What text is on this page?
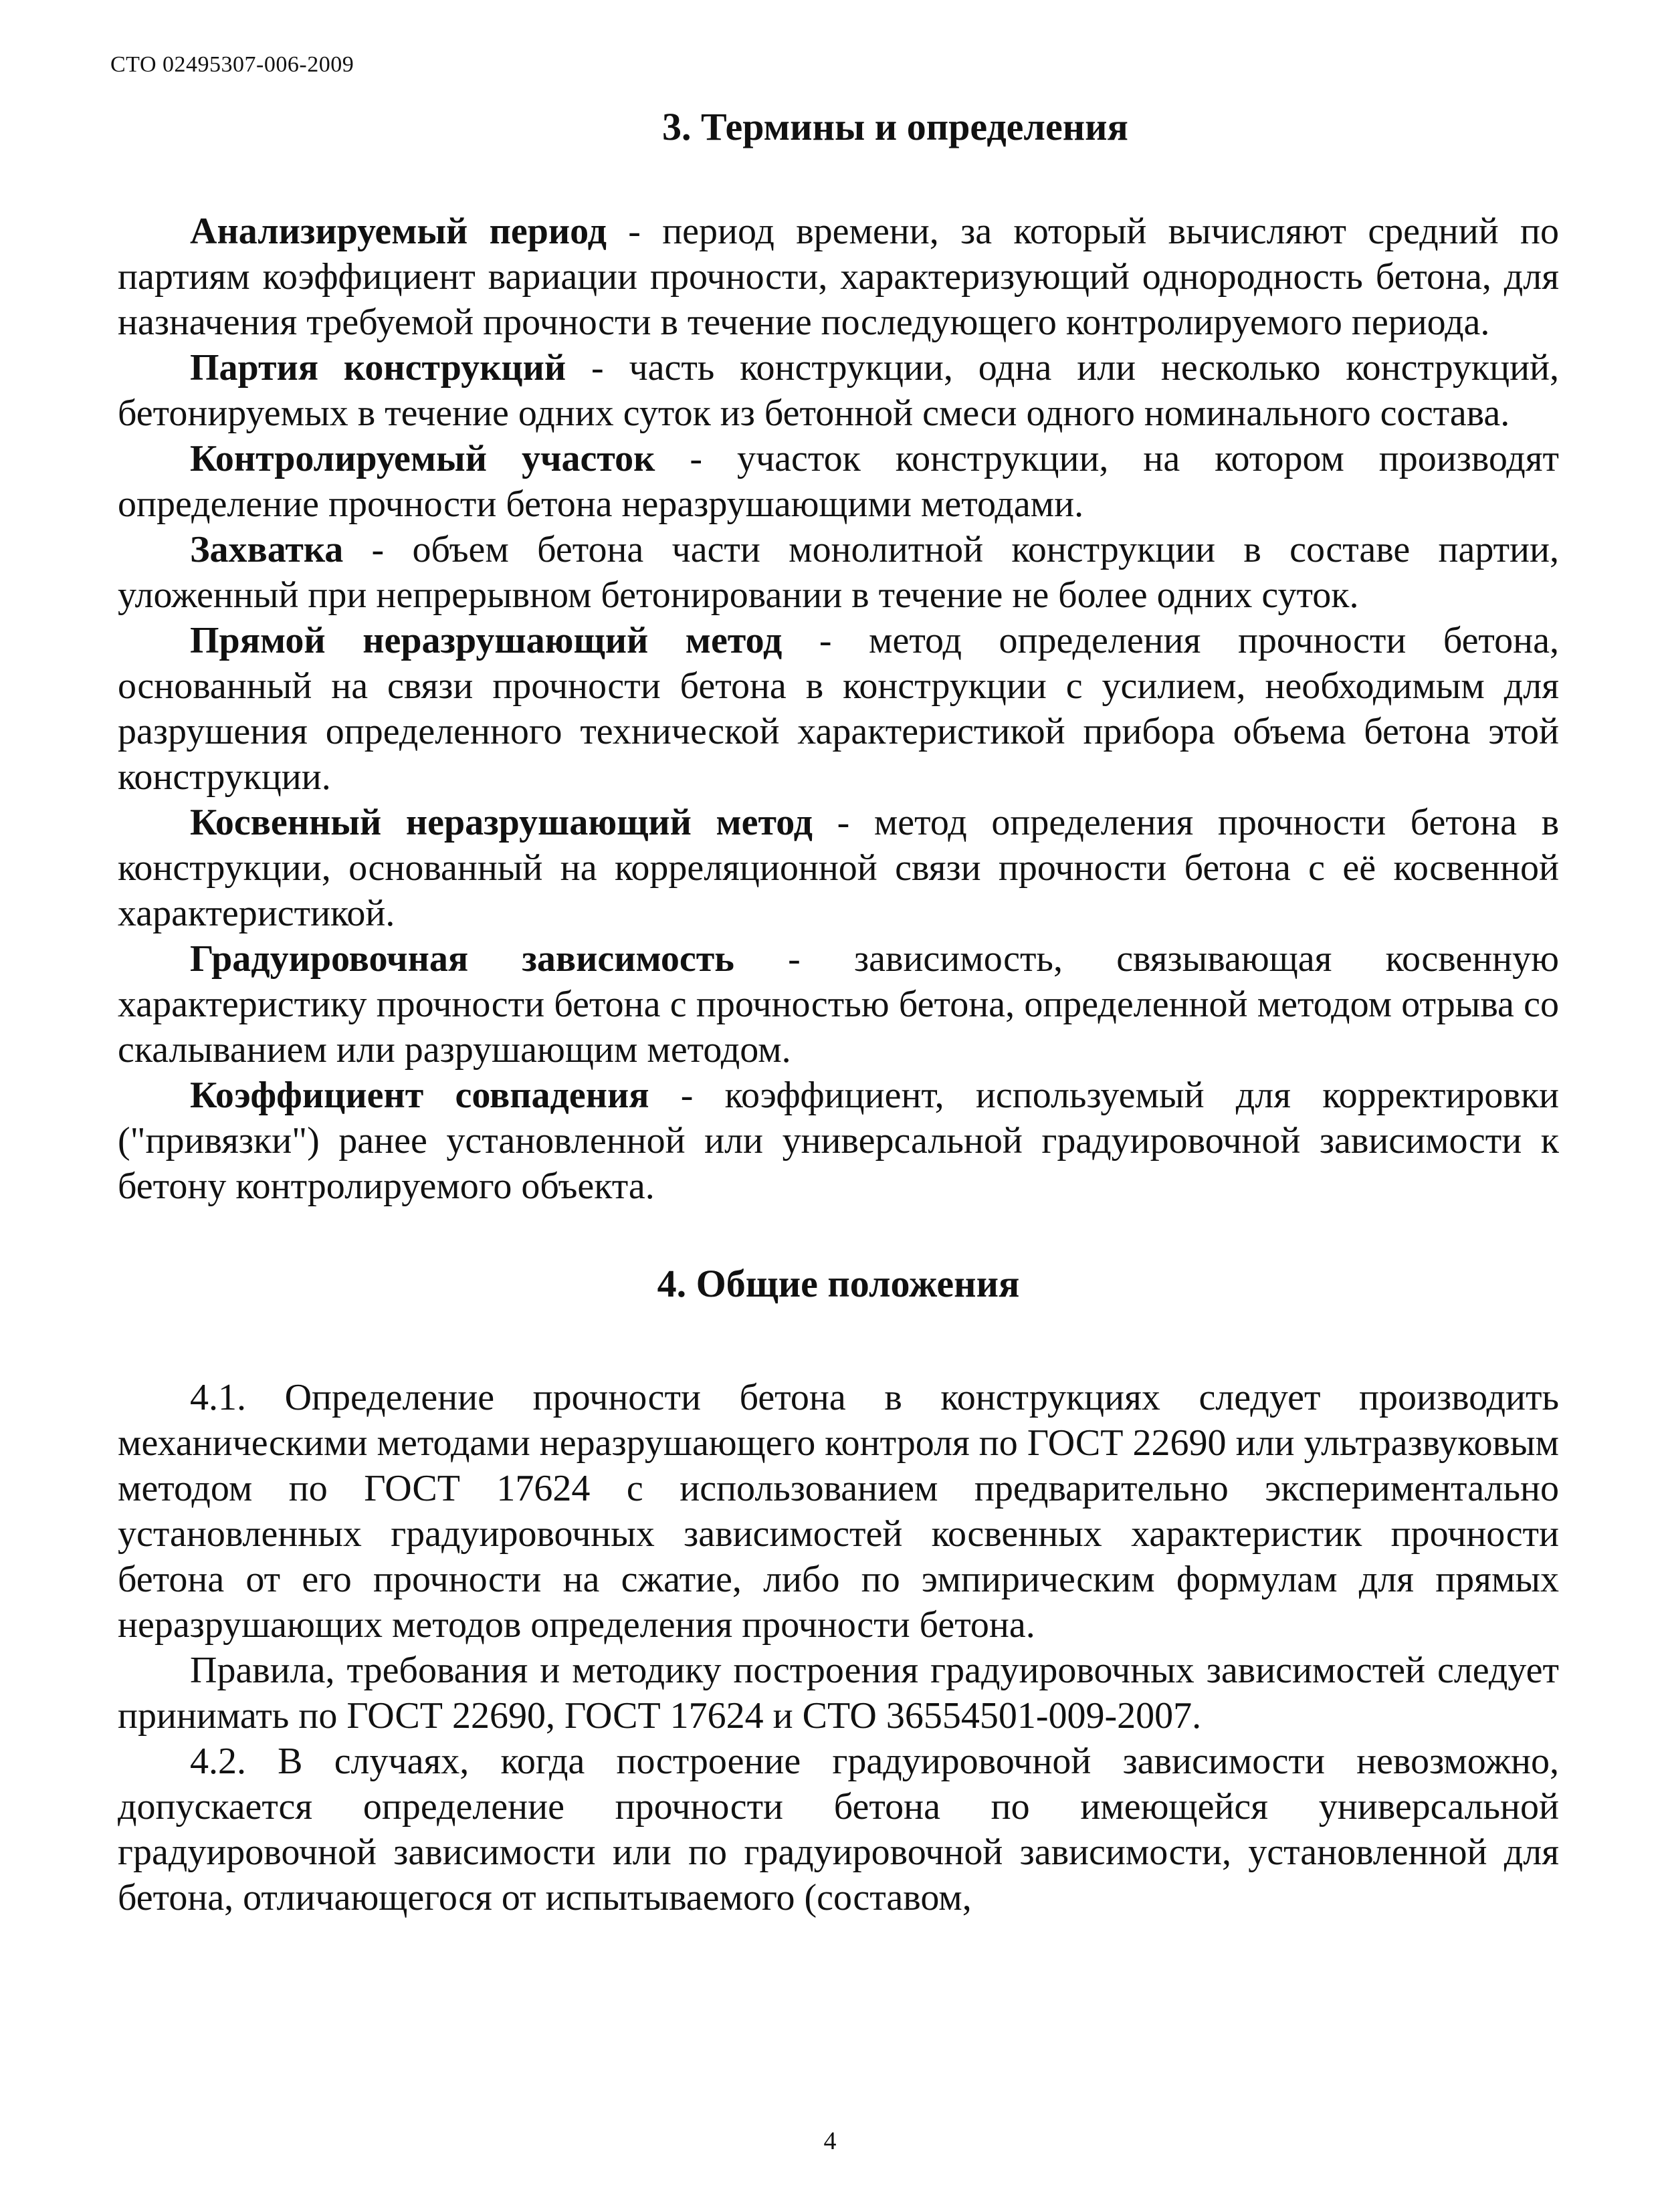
СТО 02495307-006-2009
3. Термины и определения

Анализируемый период - период времени, за который вычисляют средний по партиям коэффициент вариации прочности, характеризующий однородность бетона, для назначения требуемой прочности в течение последующего контролируемого периода.

Партия конструкций - часть конструкции, одна или несколько конструкций, бетонируемых в течение одних суток из бетонной смеси одного номинального состава.

Контролируемый участок - участок конструкции, на котором производят определение прочности бетона неразрушающими методами.

Захватка - объем бетона части монолитной конструкции в составе партии, уложенный при непрерывном бетонировании в течение не более одних суток.

Прямой неразрушающий метод - метод определения прочности бетона, основанный на связи прочности бетона в конструкции с усилием, необходимым для разрушения определенного технической характеристикой прибора объема бетона этой конструкции.

Косвенный неразрушающий метод - метод определения прочности бетона в конструкции, основанный на корреляционной связи прочности бетона с её косвенной характеристикой.

Градуировочная зависимость - зависимость, связывающая косвенную характеристику прочности бетона с прочностью бетона, определенной методом отрыва со скалыванием или разрушающим методом.

Коэффициент совпадения - коэффициент, используемый для корректировки ("привязки") ранее установленной или универсальной градуировочной зависимости к бетону контролируемого объекта.

4. Общие положения

4.1. Определение прочности бетона в конструкциях следует производить механическими методами неразрушающего контроля по ГОСТ 22690 или ультразвуковым методом по ГОСТ 17624 с использованием предварительно экспериментально установленных градуировочных зависимостей косвенных характеристик прочности бетона от его прочности на сжатие, либо по эмпирическим формулам для прямых неразрушающих методов определения прочности бетона.

Правила, требования и методику построения градуировочных зависимостей следует принимать по ГОСТ 22690, ГОСТ 17624 и СТО 36554501-009-2007.

4.2. В случаях, когда построение градуировочной зависимости невозможно, допускается определение прочности бетона по имеющейся универсальной градуировочной зависимости или по градуировочной зависимости, установленной для бетона, отличающегося от испытываемого (составом,

4
